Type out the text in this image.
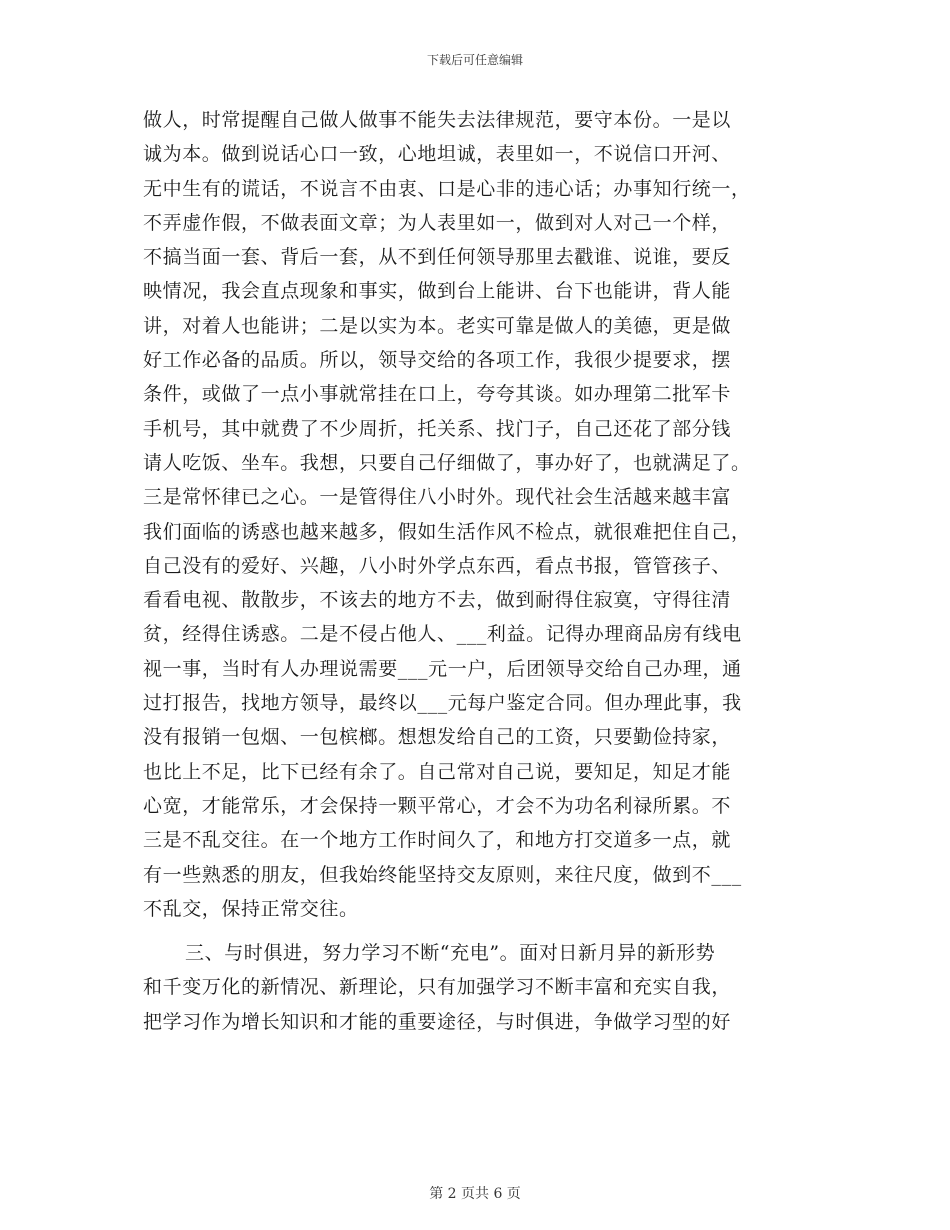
下载后可任意编辑
做人，时常提醒自己做人做事不能失去法律规范，要守本份。一是以
诚为本。做到说话心口一致，心地坦诚，表里如一，不说信口开河、
无中生有的谎话，不说言不由衷、口是心非的违心话；办事知行统一，
不弄虚作假，不做表面文章；为人表里如一，做到对人对己一个样，
不搞当面一套、背后一套，从不到任何领导那里去戳谁、说谁，要反
映情况，我会直点现象和事实，做到台上能讲、台下也能讲，背人能
讲，对着人也能讲；二是以实为本。老实可靠是做人的美德，更是做
好工作必备的品质。所以，领导交给的各项工作，我很少提要求，摆
条件，或做了一点小事就常挂在口上，夸夸其谈。如办理第二批军卡
手机号，其中就费了不少周折，托关系、找门子，自己还花了部分钱
请人吃饭、坐车。我想，只要自己仔细做了，事办好了，也就满足了。
三是常怀律已之心。一是管得住八小时外。现代社会生活越来越丰富
我们面临的诱惑也越来越多，假如生活作风不检点，就很难把住自己，
自己没有的爱好、兴趣，八小时外学点东西，看点书报，管管孩子、
看看电视、散散步，不该去的地方不去，做到耐得住寂寞，守得往清
贫，经得住诱惑。二是不侵占他人、___利益。记得办理商品房有线电
视一事，当时有人办理说需要___元一户，后团领导交给自己办理，通
过打报告，找地方领导，最终以___元每户鉴定合同。但办理此事，我
没有报销一包烟、一包槟榔。想想发给自己的工资，只要勤俭持家，
也比上不足，比下已经有余了。自己常对自己说，要知足，知足才能
心宽，才能常乐，才会保持一颗平常心，才会不为功名利禄所累。不
三是不乱交往。在一个地方工作时间久了，和地方打交道多一点，就
有一些熟悉的朋友，但我始终能坚持交友原则，来往尺度，做到不___
不乱交，保持正常交往。
三、与时俱进，努力学习不断“充电”。面对日新月异的新形势
和千变万化的新情况、新理论，只有加强学习不断丰富和充实自我，
把学习作为增长知识和才能的重要途径，与时俱进，争做学习型的好
第 2 页共 6 页
